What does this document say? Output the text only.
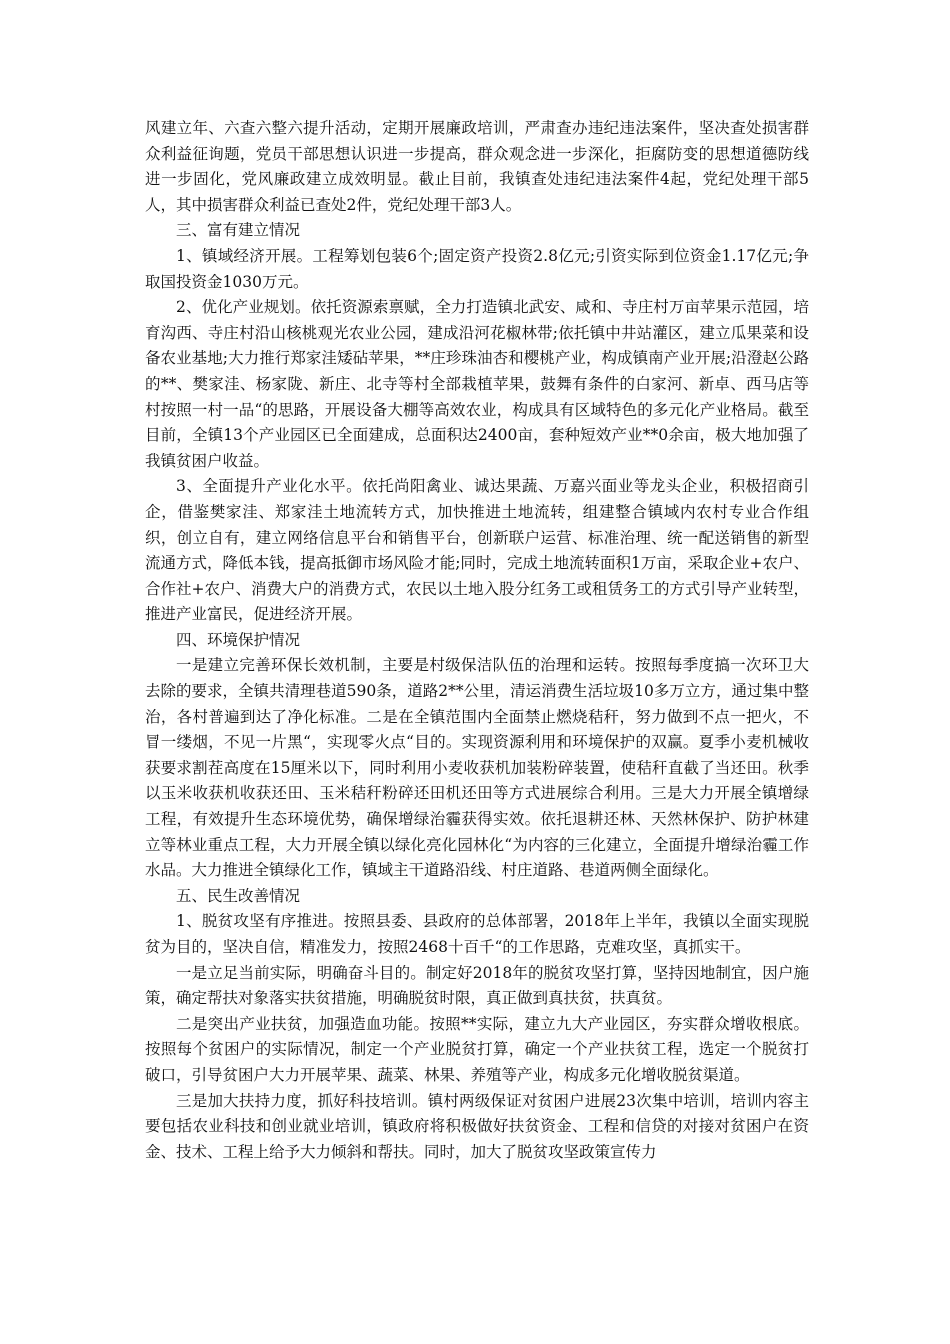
风建立年、六查六整六提升活动，定期开展廉政培训，严肃查办违纪违法案件，坚决查处损害群众利益征询题，党员干部思想认识进一步提高，群众观念进一步深化，拒腐防变的思想道德防线进一步固化，党风廉政建立成效明显。截止目前，我镇查处违纪违法案件4起，党纪处理干部5人，其中损害群众利益已查处2件，党纪处理干部3人。

三、富有建立情况

1、镇域经济开展。工程筹划包装6个;固定资产投资2.8亿元;引资实际到位资金1.17亿元;争取国投资金1030万元。

2、优化产业规划。依托资源索禀赋，全力打造镇北武安、咸和、寺庄村万亩苹果示范园，培育沟西、寺庄村沿山核桃观光农业公园，建成沿河花椒林带;依托镇中井站灌区，建立瓜果菜和设备农业基地;大力推行郑家洼矮砧苹果，**庄珍珠油杏和樱桃产业，构成镇南产业开展;沿澄赵公路的**、樊家洼、杨家陇、新庄、北寺等村全部栽植苹果，鼓舞有条件的白家河、新卓、西马店等村按照一村一品“的思路，开展设备大棚等高效农业，构成具有区域特色的多元化产业格局。截至目前，全镇13个产业园区已全面建成，总面积达2400亩，套种短效产业**0余亩，极大地加强了我镇贫困户收益。

3、全面提升产业化水平。依托尚阳禽业、诚达果蔬、万嘉兴面业等龙头企业，积极招商引企，借鉴樊家洼、郑家洼土地流转方式，加快推进土地流转，组建整合镇域内农村专业合作组织，创立自有，建立网络信息平台和销售平台，创新联户运营、标准治理、统一配送销售的新型流通方式，降低本钱，提高抵御市场风险才能;同时，完成土地流转面积1万亩，采取企业+农户、合作社+农户、消费大户的消费方式，农民以土地入股分红务工或租赁务工的方式引导产业转型，推进产业富民，促进经济开展。

四、环境保护情况

一是建立完善环保长效机制，主要是村级保洁队伍的治理和运转。按照每季度搞一次环卫大去除的要求，全镇共清理巷道590条，道路2**公里，清运消费生活垃圾10多万立方，通过集中整治，各村普遍到达了净化标准。二是在全镇范围内全面禁止燃烧秸秆，努力做到不点一把火，不冒一缕烟，不见一片黑“，实现零火点“目的。实现资源利用和环境保护的双赢。夏季小麦机械收获要求割茬高度在15厘米以下，同时利用小麦收获机加装粉碎装置，使秸秆直截了当还田。秋季以玉米收获机收获还田、玉米秸秆粉碎还田机还田等方式进展综合利用。三是大力开展全镇增绿工程，有效提升生态环境优势，确保增绿治霾获得实效。依托退耕还林、天然林保护、防护林建立等林业重点工程，大力开展全镇以绿化亮化园林化“为内容的三化建立，全面提升增绿治霾工作水品。大力推进全镇绿化工作，镇域主干道路沿线、村庄道路、巷道两侧全面绿化。

五、民生改善情况

1、脱贫攻坚有序推进。按照县委、县政府的总体部署，2018年上半年，我镇以全面实现脱贫为目的，坚决自信，精准发力，按照2468十百千“的工作思路，克难攻坚，真抓实干。

一是立足当前实际，明确奋斗目的。制定好2018年的脱贫攻坚打算，坚持因地制宜，因户施策，确定帮扶对象落实扶贫措施，明确脱贫时限，真正做到真扶贫，扶真贫。

二是突出产业扶贫，加强造血功能。按照**实际，建立九大产业园区，夯实群众增收根底。按照每个贫困户的实际情况，制定一个产业脱贫打算，确定一个产业扶贫工程，选定一个脱贫打破口，引导贫困户大力开展苹果、蔬菜、林果、养殖等产业，构成多元化增收脱贫渠道。

三是加大扶持力度，抓好科技培训。镇村两级保证对贫困户进展23次集中培训，培训内容主要包括农业科技和创业就业培训，镇政府将积极做好扶贫资金、工程和信贷的对接对贫困户在资金、技术、工程上给予大力倾斜和帮扶。同时，加大了脱贫攻坚政策宣传力
